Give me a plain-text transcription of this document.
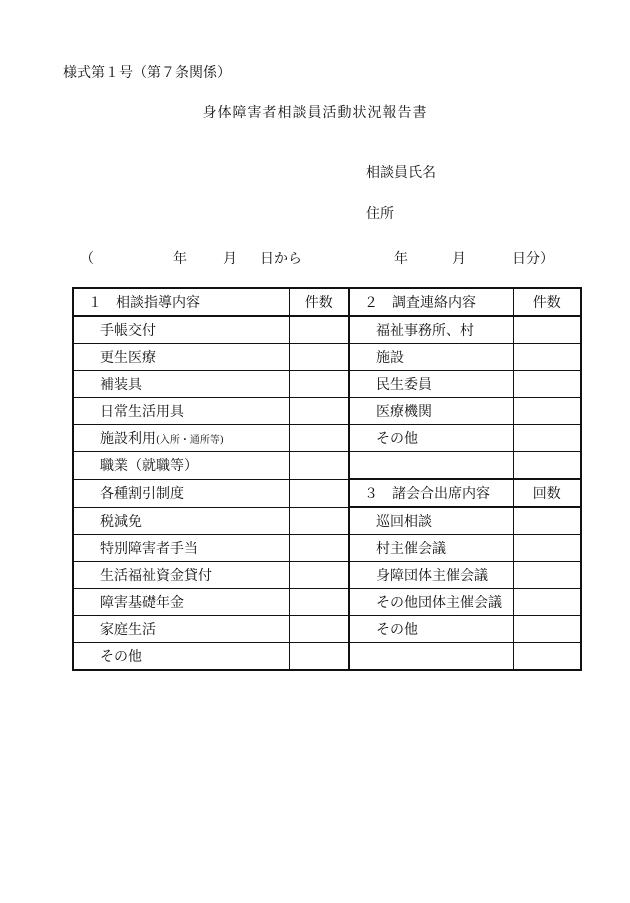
様式第１号（第７条関係）
身体障害者相談員活動状況報告書
相談員氏名
住所
（	年	月 日から	年	月	日分）
１　相談指導内容	件数	２　調査連絡内容	件数
手帳交付		福祉事務所、村	
更生医療		施設	
補装具		民生委員	
日常生活用具		医療機関	
施設利用(入所・通所等)		その他	
職業（就職等）			
各種割引制度		３　諸会合出席内容	回数
税減免		巡回相談	
特別障害者手当		村主催会議	
生活福祉資金貸付		身障団体主催会議	
障害基礎年金		その他団体主催会議	
家庭生活		その他	
その他			
